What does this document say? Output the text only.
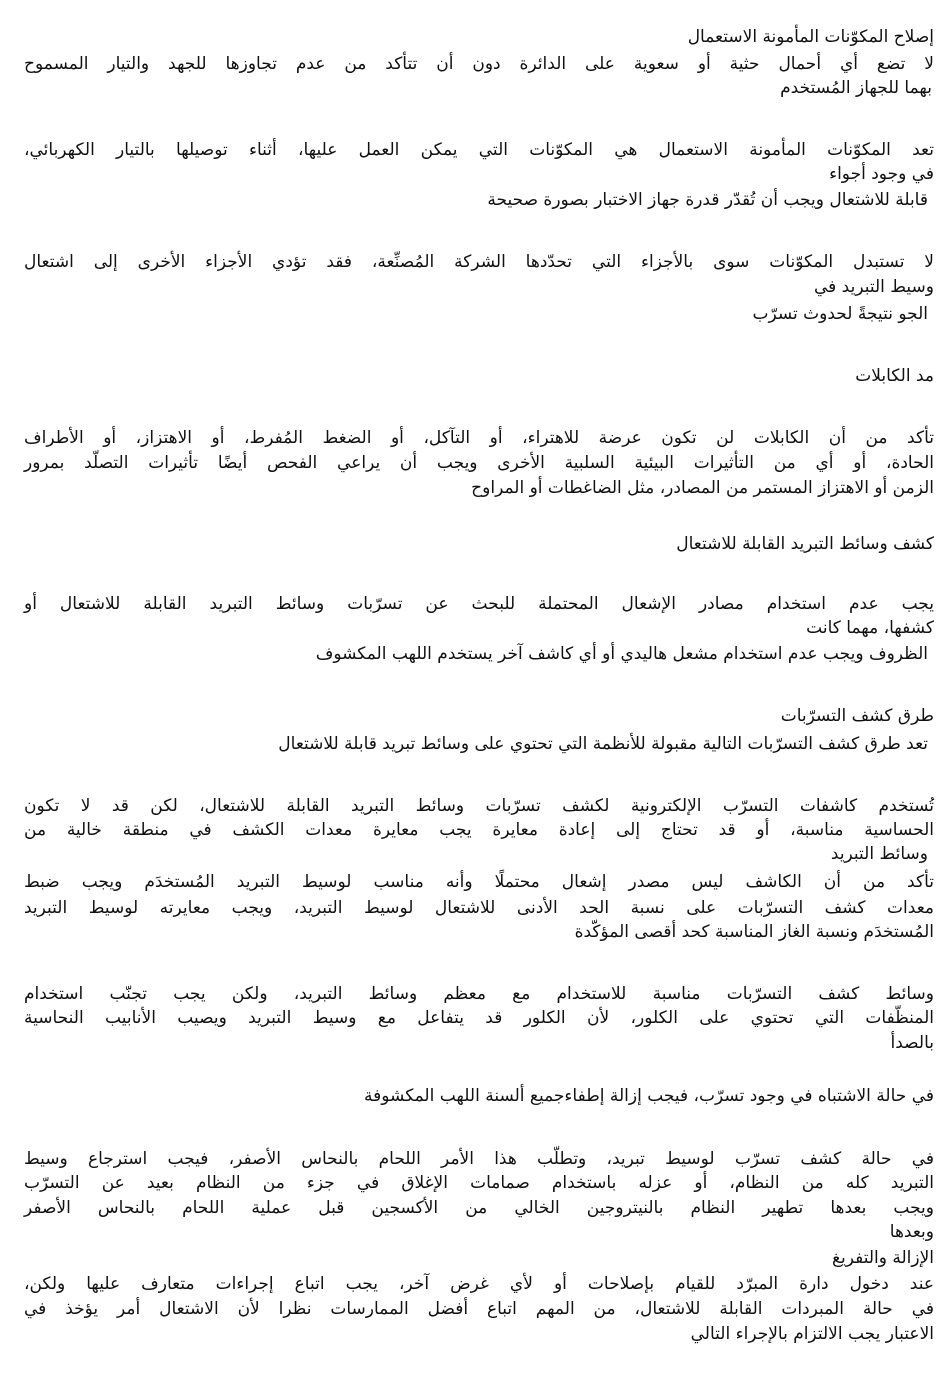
إصلاح المكوّنات المأمونة الاستعمال
لا تضع أي أحمال حثية أو سعوية على الدائرة دون أن تتأكد من عدم تجاوزها للجهد والتيار المسموح
بهما للجهاز المُستخدم
تعد المكوّنات المأمونة الاستعمال هي المكوّنات التي يمكن العمل عليها، أثناء توصيلها بالتيار الكهربائي،
في وجود أجواء
قابلة للاشتعال ويجب أن تُقدّر قدرة جهاز الاختبار بصورة صحيحة
لا تستبدل المكوّنات سوى بالأجزاء التي تحدّدها الشركة المُصنِّعة، فقد تؤدي الأجزاء الأخرى إلى اشتعال
وسيط التبريد في
الجو نتيجةً لحدوث تسرّب
مد الكابلات
تأكد من أن الكابلات لن تكون عرضة للاهتراء، أو التآكل، أو الضغط المُفرط، أو الاهتزاز، أو الأطراف
الحادة، أو أي من التأثيرات البيئية السلبية الأخرى ويجب أن يراعي الفحص أيضًا تأثيرات التصلّد بمرور
الزمن أو الاهتزاز المستمر من المصادر، مثل الضاغطات أو المراوح
كشف وسائط التبريد القابلة للاشتعال
يجب عدم استخدام مصادر الإشعال المحتملة للبحث عن تسرّبات وسائط التبريد القابلة للاشتعال أو
كشفها، مهما كانت
الظروف ويجب عدم استخدام مشعل هاليدي أو أي كاشف آخر يستخدم اللهب المكشوف
طرق كشف التسرّبات
تعد طرق كشف التسرّبات التالية مقبولة للأنظمة التي تحتوي على وسائط تبريد قابلة للاشتعال
تُستخدم كاشفات التسرّب الإلكترونية لكشف تسرّبات وسائط التبريد القابلة للاشتعال، لكن قد لا تكون
الحساسية مناسبة، أو قد تحتاج إلى إعادة معايرة يجب معايرة معدات الكشف في منطقة خالية من
وسائط التبريد
تأكد من أن الكاشف ليس مصدر إشعال محتملًا وأنه مناسب لوسيط التبريد المُستخدَم ويجب ضبط
معدات كشف التسرّبات على نسبة الحد الأدنى للاشتعال لوسيط التبريد، ويجب معايرته لوسيط التبريد
المُستخدَم ونسبة الغاز المناسبة كحد أقصى المؤكّدة
وسائط كشف التسرّبات مناسبة للاستخدام مع معظم وسائط التبريد، ولكن يجب تجنّب استخدام
المنظّفات التي تحتوي على الكلور، لأن الكلور قد يتفاعل مع وسيط التبريد ويصيب الأنابيب النحاسية
بالصدأ
في حالة الاشتباه في وجود تسرّب، فيجب إزالة إطفاءجميع ألسنة اللهب المكشوفة
في حالة كشف تسرّب لوسيط تبريد، وتطلّب هذا الأمر اللحام بالنحاس الأصفر، فيجب استرجاع وسيط
التبريد كله من النظام، أو عزله باستخدام صمامات الإغلاق في جزء من النظام بعيد عن التسرّب
ويجب بعدها تطهير النظام بالنيتروجين الخالي من الأكسجين قبل عملية اللحام بالنحاس الأصفر
وبعدها
الإزالة والتفريغ
عند دخول دارة المبرّد للقيام بإصلاحات أو لأي غرض آخر، يجب اتباع إجراءات متعارف عليها ولكن،
في حالة المبردات القابلة للاشتعال، من المهم اتباع أفضل الممارسات نظرا لأن الاشتعال أمر يؤخذ في
الاعتبار يجب الالتزام بالإجراء التالي
